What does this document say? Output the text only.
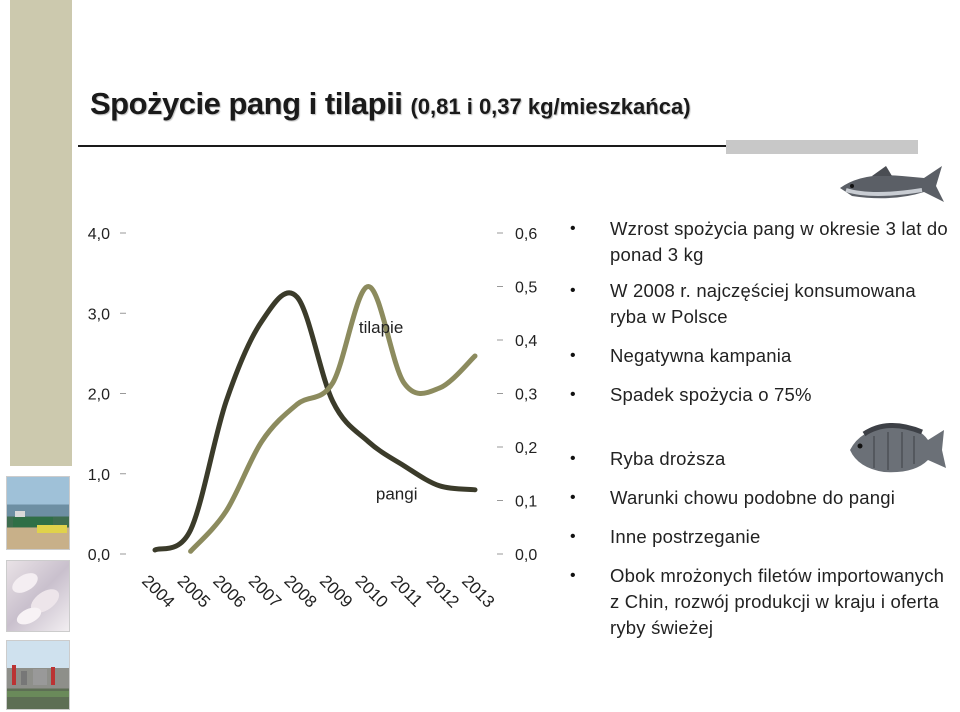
Spożycie pang i tilapii (0,81 i 0,37 kg/mieszkańca)
0,0
1,0
2,0
3,0
4,0
0,0
0,1
0,2
0,3
0,4
0,5
0,6
2004
2005
2006
2007
2008
2009
2010
2011
2012
2013
pangi
tilapie
• Wzrost spożycia pang w okresie 3 lat do ponad 3 kg
• W 2008 r. najczęściej konsumowana ryba w Polsce
• Negatywna kampania
• Spadek spożycia o 75%
• Ryba droższa
• Warunki chowu podobne do pangi
• Inne postrzeganie
• Obok mrożonych filetów importowanych z Chin, rozwój produkcji w kraju i oferta ryby świeżej
